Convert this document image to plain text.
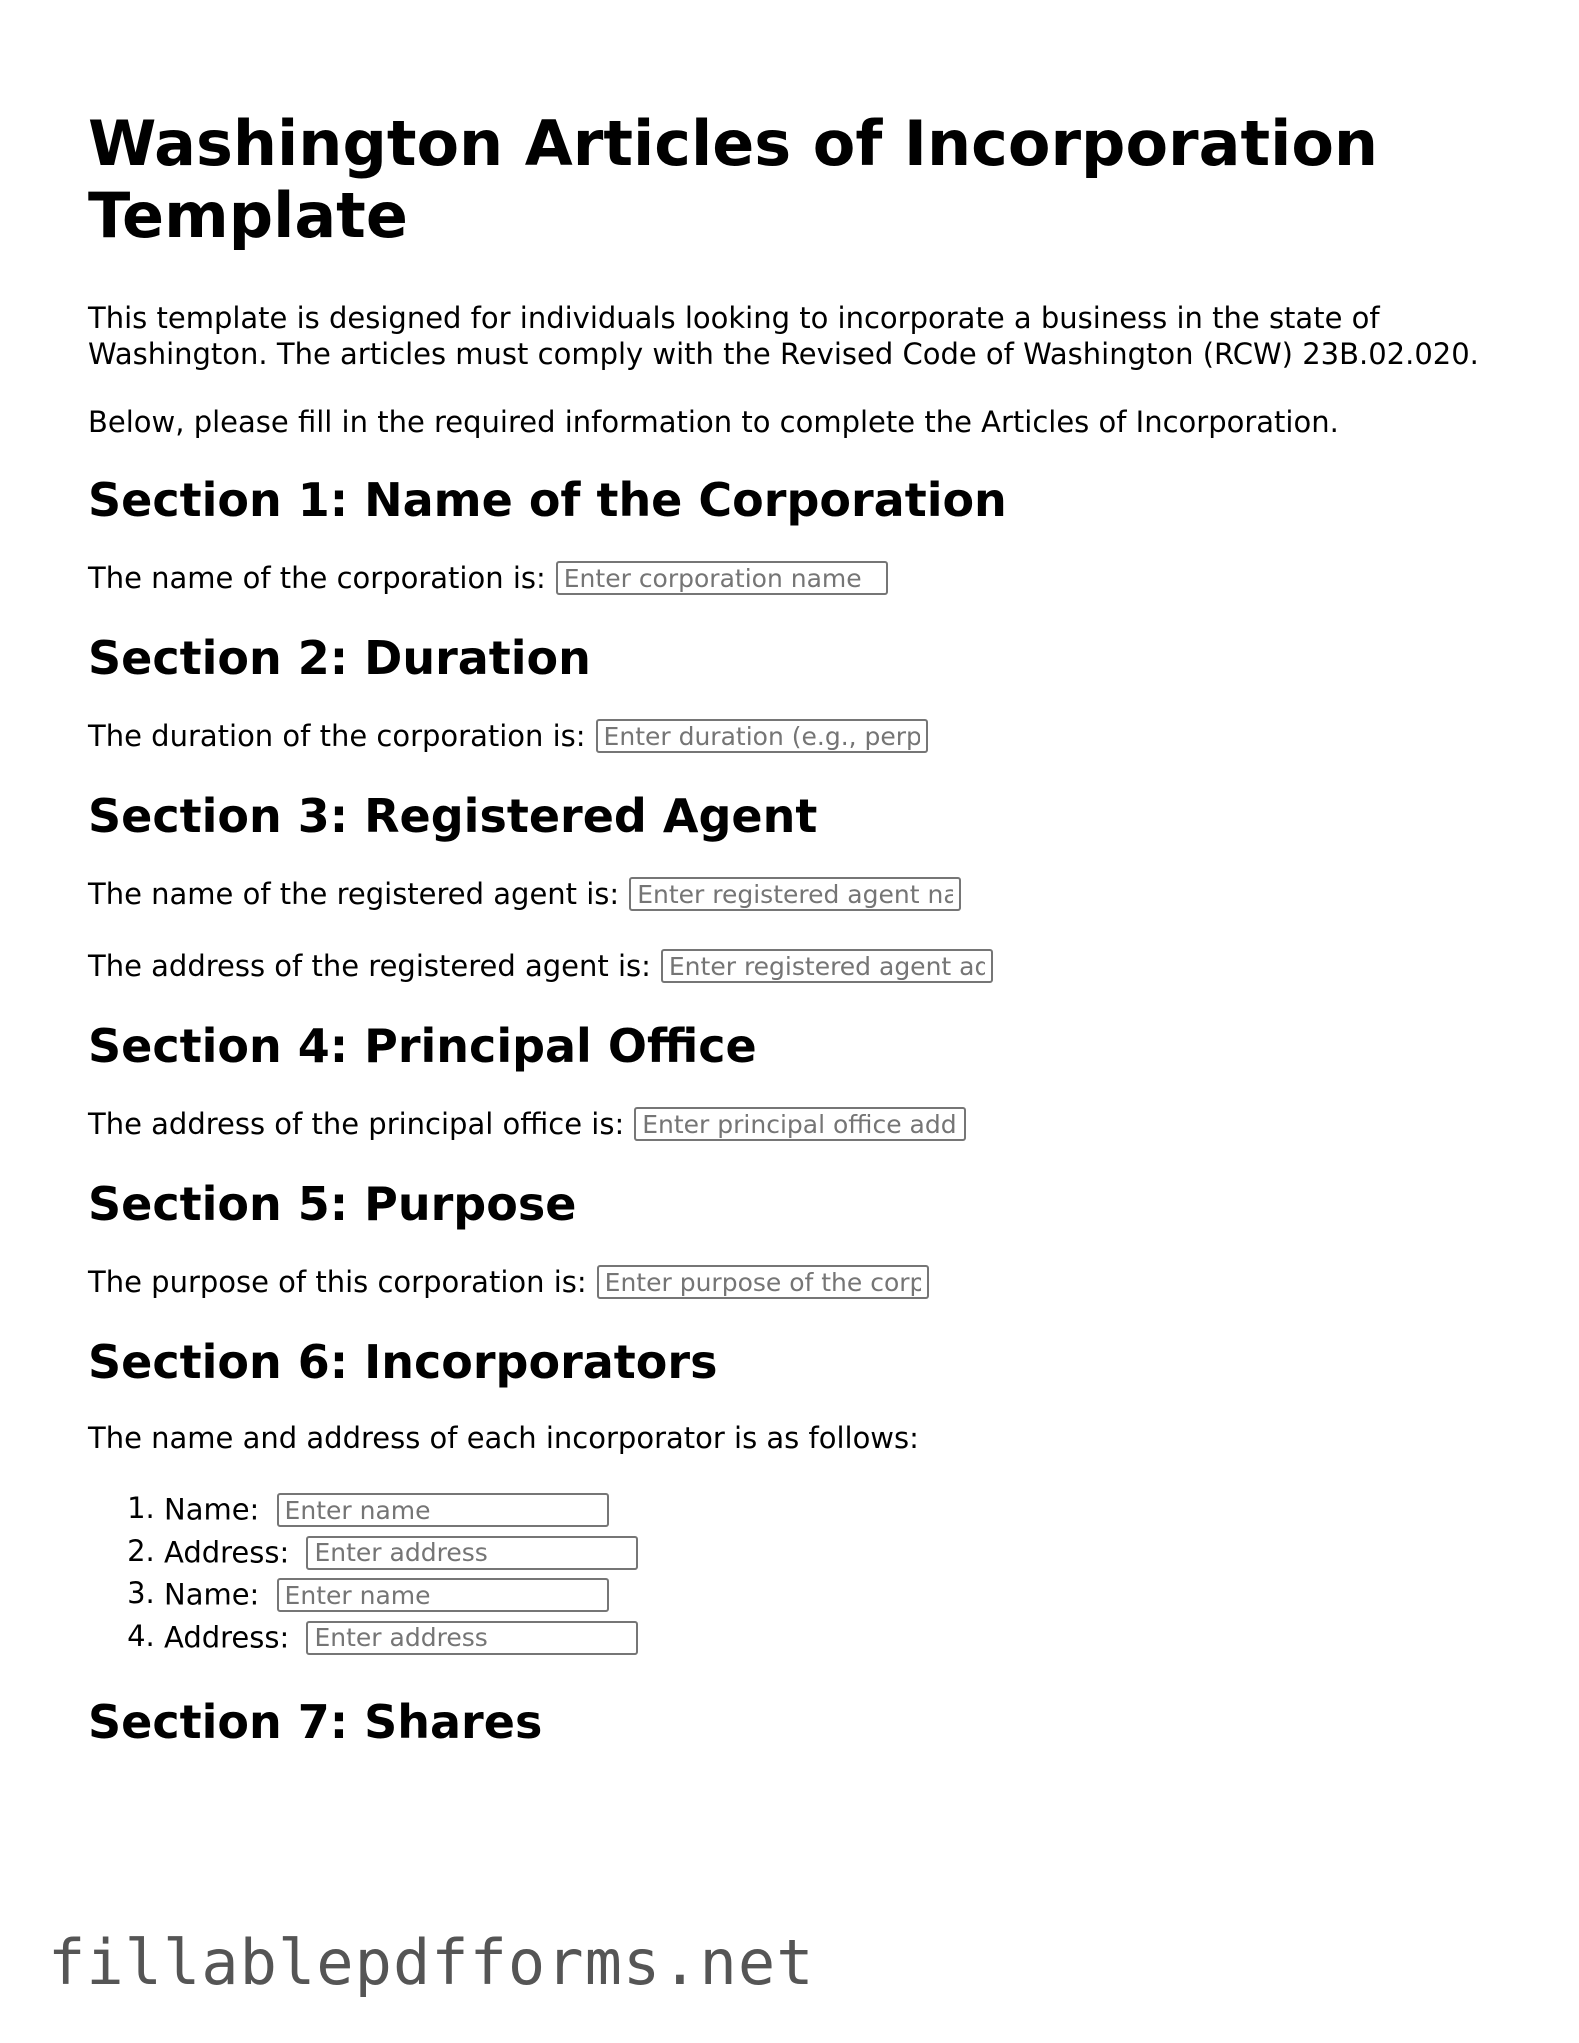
Washington Articles of Incorporation Template

This template is designed for individuals looking to incorporate a business in the state of Washington. The articles must comply with the Revised Code of Washington (RCW) 23B.02.020.

Below, please fill in the required information to complete the Articles of Incorporation.

Section 1: Name of the Corporation
The name of the corporation is:
Enter corporation name
Section 2: Duration
The duration of the corporation is:
Enter duration (e.g., perpetual)
Section 3: Registered Agent
The name of the registered agent is:
Enter registered agent name
The address of the registered agent is:
Enter registered agent address
Section 4: Principal Office
The address of the principal office is:
Enter principal office address
Section 5: Purpose
The purpose of this corporation is:
Enter purpose of the corporation
Section 6: Incorporators

The name and address of each incorporator is as follows:

1. Name: Enter name
2. Address: Enter address
3. Name: Enter name
4. Address: Enter address
Section 7: Shares
fillablepdfforms.net
